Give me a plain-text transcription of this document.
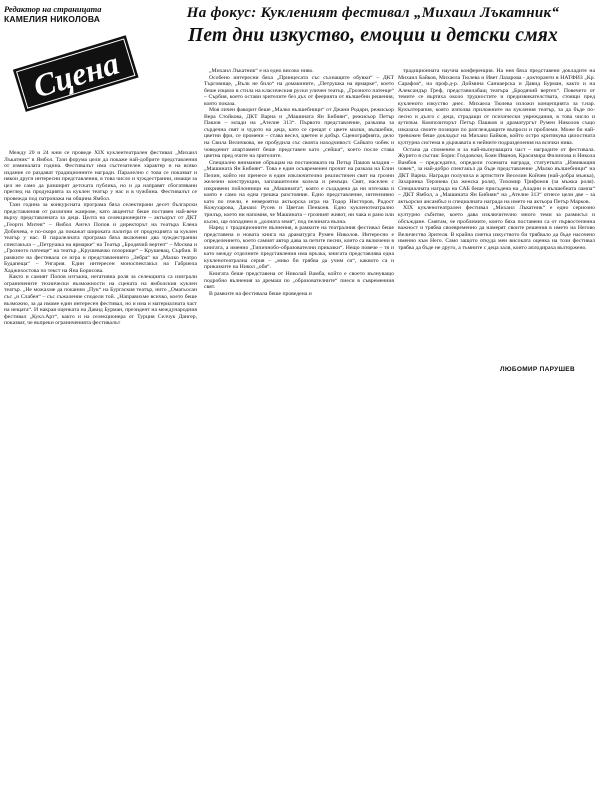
Редактор на страницата
КАМЕЛИЯ НИКОЛОВА
Сцена
На фокус: Кукленият фестивал „Михаил Лъкатник“
Пет дни изкуство, емоции и детски смях

Между 20 и 24 юни се проведе XIX куклентеатрален фестивал „Михаил Лъкатник“ в Ямбол. Тази форума цели да покаже най-добрите представления от изминалата година. Фестивалът има състезателен характер и на всяко издание се раздават традиционните награди. Паралелно с това се показват и някои други интересни представления, в това число и чуждестранни, имащи за цел не само да разширят детската публика, но и да направят сбогатявани преглед на продукцията за куклен театър у нас и в чужбина. Фестивалът се провежда под патронажа на община Ямбол.

Тази година за конкурсната програма бяха селектирани десет български представления от различни жанрове, като акцентът беше поставен най-вече върху представлената за деца. Целта на селекционерите – актьорът от ДКТ „Георги Митев“ – Ямбол Ангел Попов и директорът на театъра Елена Добичева, е по-скоро да покажат широката палитра от продукцията за куклен театър у нас. В паралелната програма бяха включени два чуждестранни спектакъла – „Петрушка на ярмарке“ на Театър „Бродячий вертеп“ – Москва и „Грозното патенце“ на театър „Крушевачко позорище“ – Крушевац, Сърбия. В рамките на фестивала се игра и представлението „Зебра“ на „Малко театро Будапеща“ – Унгария. Един интересен моноспектакъл на Габриела Хаджихостова по текст на Яна Борисова.

Както и самият Попов изтъкна, негативна роля за селекцията са изиграли ограничените технически възможности на сцената на ямболския куклен театър. „Не можахме да поканим „Пук“ на Бургаския театър, нито „Омагьосан със „и Слабен“ – със съжаление сподели той. „Направихме всичко, което беше възможно, за да имаме един интересен фестивал, но и има и материалната част на нещата“. И накрая оценката на Давид Бурман, президент на международния фестивал „Кукл.Арт“, както и на селекционера от Турция Селчук Дангер, показват, че въпреки ограниченията фестивалът

„Михаил Лъкатник“ е на едно високо ниво.

Особено интересни бяха „Принцесата със съхнащите обувки“ – ДКТ Търговище, „Вълк не било“ на домакините, „Петрушка на ярмарке“, което беше изцяло в стила на класическия руски уличен театър, „Грозното патенце“ – Сърбия, което остави зрителите без дъх от феерията от вълшебни решения, която показа.

Моя личен фаворит беше „Малко вълшебници“ от Джани Родари, режисьор Вера Стойкова, ДКТ Варна и „Машината Ян Бибиян“, режисьор Петър Пашов – млади на „Ателие 313“. Първото представление, разказва за сърдечна свят и чудото на деца, като се срещат с цвете малки, вълшебни, цветни фри, се промени – става весел, цветен и добър. Сценографията, дело на Свила Величкова, не пробудила със своята находчивост. Сайкато чобек и човеденит апартамент беше представен като „сейша“, което после става цветна пред очите на зрителите.

Специално внимание обръщам на постановката на Петър Пашов младия – „Машината Ян Бибиян“. Това е един осъвременен прочит на разказа на Елин Пелин, който ни пренесе в един изключително реалистичен свят на грозни железни конструкции, заплашителни колела и ремъци. Свят, населен с изкривени пойлонници на „Машината“, която е създадена да ни изтезава и която е само на една грешка разстояние. Едно представление, интензивно като по пчели, е невероятна актьорска игра на Тодор Нисторов, Радост Кожухарова, Данаил Русев и Цветан Пенкоев. Едно кукленотеатрално трилър, което ни напомня, че Машината – грозният живот, ни чака и рано или късно, ще попаднем в „долната земя“, под пелината вълна.

Наред с традиционните вълнения, в рамките на театралния фестивал беше представена и новата книга на драматурга Румен Николов. Интересно е определението, което самият автор дава за петите песни, които са включени в книгата, а именно „Типичнобо-образователни приказки“. Нещо повече – тя и като между отделните представления има връзка, книгата представлява една кукленотеатрална серия – „мико би трябва да учим си“, каквото са и приказките на Никол „обя“.

Книгата беше представена от Николай Вамба, който е своето вълнуващо подробно вълнения за дремаш по „образователните“ пиеси в съвременния свят.

В рамките на фестивала беше проведена и

традиционната научна конференция. На нея бяха представени докладите на Михаил Байков, Михаела Тюлева и Ивет Лазарова - докторанти в НАТФИЗ „Кр. Сарафов“, на проф.д-р. Доймина Саниаерска и Давид Бурман, както и на Александър Греф, представилабащ театъра „Бродячий вертеп“. Повечето от темите се въртяха около трудностите и предизвикателствата, стоящи пред кукленото изкуство днес. Михаела Тюлева изложи концепцията за т.нар. Кукълтерапия, която изполва приложните на кукления театър, за да бъде по-лесно и дълго с деца, страдащи от психически увреждания, в това число и аутизъм. Композиторът Петър Пашков и драматургът Румен Николов също изказаха своите позиции по разглеждащите въпроси и проблеми. Може би най-тревожен беше докладът на Михаил Байков, който остро критикува цялостната културна система в държавата и нейните подразделения на всички нива.

Остана да споменем и за най-вълнуващата част – наградите от фестивала. Журито в състав: Борис Голдовски, Боян Иванов, Красимира Филипова и Никола Вамбов – председател, определи големата награда, статуетката „Извиващия човек“, за най-добро спектакъл да бъде представление „Малко вълшебници“ на ДКТ Варна. Награди получиха и артистите Веселин Койчев (най-добра мъжка), Захаринка Терзиева (за женска роля), Тихомир Трифонов (за мъжка роля). Специалната награда на САБ беше присъдена на „Аладин и вълшебната лампа“ – ДКТ Ямбол, а „Машината Ян Бибиян“ на „Ателие 313“ отнесе цели две – за актьорски ансамбъл и специалната награда на името на актьора Петър Марков.

XIX кукленотеатрален фестивал „Михаил Лъкатник“ е едно сериозно културно събитие, което дава изключително много теми за размисъл и обсъждане. Смятам, че проблемите, които бяха поставени са от първостепенна важност и трябва своевременно да намерят своите решения в името на Негово Величество Зрителя. В крайна сметка изкуството би трябвало да бъде насочено именно към Него. Само защото откуда мен високата оценка на този фестивал трябва да бъде не друго, а тъмните с деца заля, които аплодираха възторжено.

ЛЮБОМИР ПАРУШЕВ
